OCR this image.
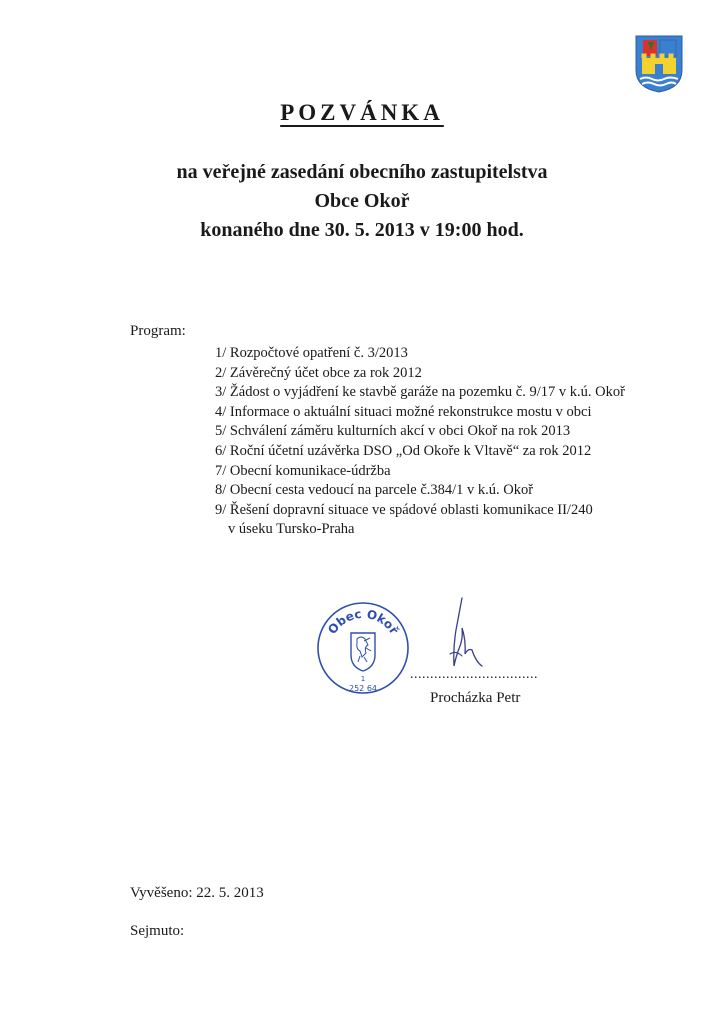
POZVÁNKA
na veřejné zasedání obecního zastupitelstva
Obce Okoř
konaného dne 30. 5. 2013 v 19:00 hod.
Program:
1/ Rozpočtové opatření č. 3/2013
2/ Závěrečný účet obce za rok 2012
3/ Žádost o vyjádření ke stavbě garáže na pozemku č. 9/17 v k.ú. Okoř
4/ Informace o aktuální situaci možné rekonstrukce mostu v obci
5/ Schválení záměru kulturních akcí v obci Okoř na rok 2013
6/ Roční účetní uzávěrka DSO „Od Okoře k Vltavě“ za rok 2012
7/ Obecní komunikace-údržba
8/ Obecní cesta vedoucí na parcele č.384/1 v k.ú. Okoř
9/ Řešení dopravní situace ve spádové oblasti komunikace II/240
v úseku Tursko-Praha
Obec Okoř
1
252 64
................................
Procházka Petr
Vyvěšeno: 22. 5. 2013
Sejmuto:
